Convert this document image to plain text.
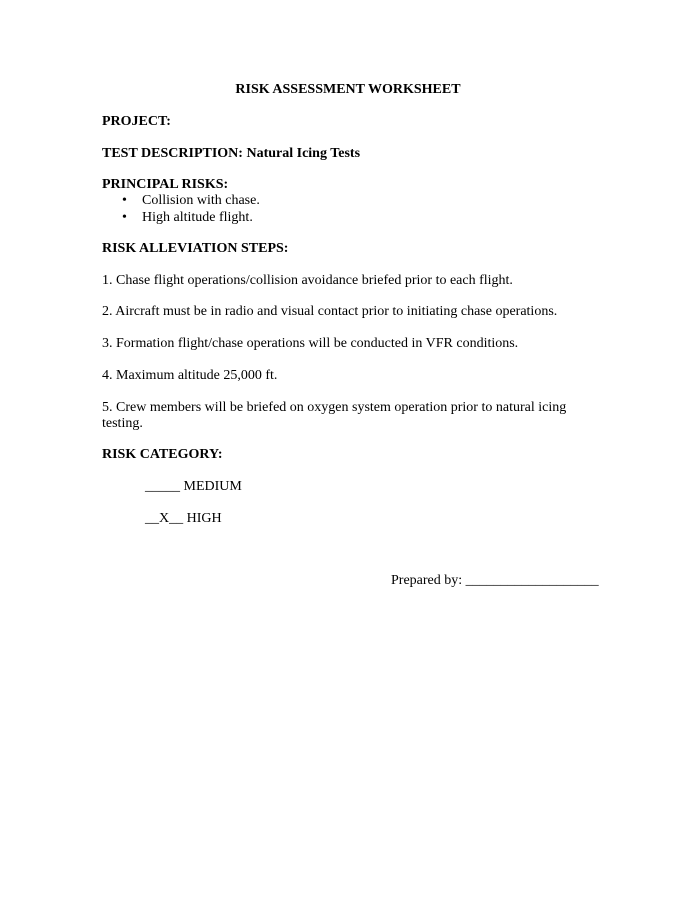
RISK ASSESSMENT WORKSHEET
PROJECT:
TEST DESCRIPTION: Natural Icing Tests
PRINCIPAL RISKS:
• Collision with chase.
• High altitude flight.
RISK ALLEVIATION STEPS:
1. Chase flight operations/collision avoidance briefed prior to each flight.
2. Aircraft must be in radio and visual contact prior to initiating chase operations.
3. Formation flight/chase operations will be conducted in VFR conditions.
4. Maximum altitude 25,000 ft.
5. Crew members will be briefed on oxygen system operation prior to natural icing testing.
RISK CATEGORY:
_____ MEDIUM
__X__ HIGH
Prepared by: ___________________
